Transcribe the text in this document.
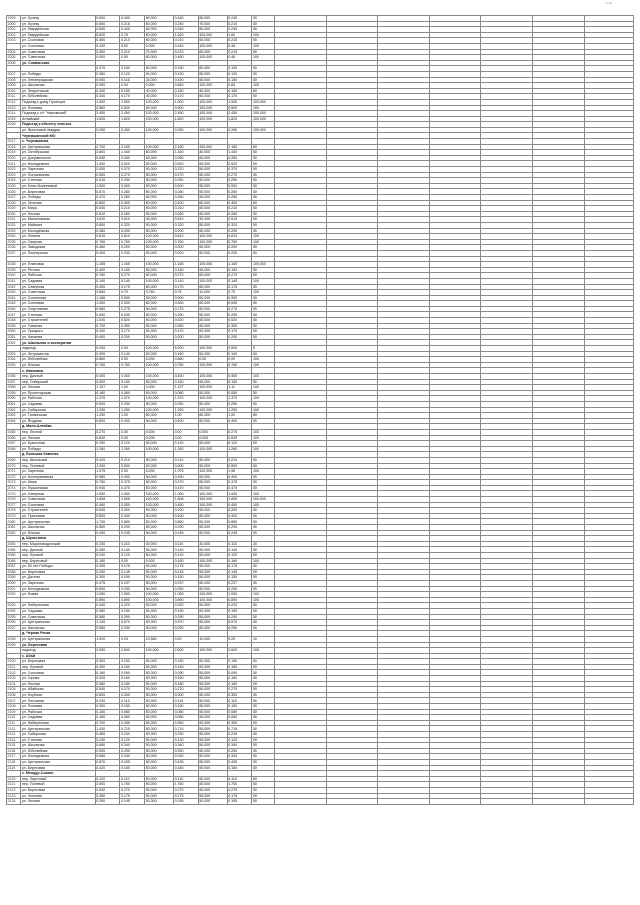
1 / 2
1999	ул. Лучезу	0.600	0.440	60,000	0.440	60,000	0.240	50							
2000	ул. Лучезу	0.650	0.216	60,000	0.240	70,000	0.210	50							
2001	ул. Гвардейская	0.600	0.440	60,000	0.340	60,000	0.240	50							
2002	ул. Гвардейская	0.620	0.76	60,000	1.620	100,000	1.60	100							
2003	ул. Сосновая	0.460	0.210	60,000	0.210	60,000	0.210	50							
	ул. Сосновая	0.430	0.00	0.000	0.440	100,000	0.46	100							
2004	ул. Советская	0.500	0.210	70,000	0.210	60,000	0.210	50							
2005	ул. Советская	0.400	0.00	60,000	0.460	100,000	0.46	100							
2006	ул. Славянская														
		0.370	0.150	60,000	0.150	60,000	0.150	50							
2007	ул. Победы	0.360	0.120	50,000	0.120	50,000	0.120	50							
2008	ул. Ленинградская	0.050	0.116	24,000	0.150	50,000	0.150	50							
2009	ул. Школьная	0.990	0.94	0.000	0.840	100,000	0.84	100							
2010	ул. Энергетиков	0.340	0.150	40,000	0.150	40,000	0.150	50							
2011	ул. Юбилейная	0.340	0.170	40,000	0.170	60,000	0.170	50							
2012	Подъезд к дому Путинцев	1.500	1.500	100,000	1.500	100,000	1.500	100,000							
2013	ул. Полевая	0.560	0.500	60,000	0.500	100,000	0.500	100							
2014	Подъезд к с/т "Нарымский"	2.450	2.450	100,000	2.450	100,000	2.450	100,000							
2015	Алтайский	1.820	1.820	100,000	1.820	100,000	1.820	100,000							
2016	Подъезд к объекту сельхоз														
	ул. Фронтовой гвардии	0.260	0.260	100,000	0.260	100,000	0.260	100,000							
	Черемшанский МО														
2017	с. Черемшанка														
2018	ул. Центральная	2.700	2.160	100,000	2.160	100,000	2.160	50							
2019	ул. Октябрьская	3.600	1.440	60,000	1.440	40,000	1.440	50							
2020	ул. Дзержинского	0.540	0.260	60,000	0.260	60,000	0.260	50							
2021	ул. Молодежная	1.090	0.520	50,000	0.520	60,000	0.520	50							
2022	ул. Заречная	2.000	0.370	50,000	0.370	50,000	0.370	50							
2023	ул. Пограничная	0.500	0.270	50,000	0.270	50,000	0.270	50							
2024	ул. Степная	0.410	0.250	50,000	0.250	50,000	0.250	50							
2025	ул. Ключ Малиновый	1.500	0.500	50,000	0.500	50,000	0.500	50							
2026	ул. Береговая	0.670	0.280	50,000	0.280	50,000	0.280	50							
2027	ул. Победы	0.470	0.280	60,000	0.280	50,000	0.280	50							
2028	ул. Зеленая	0.800	0.400	60,000	0.400	60,000	0.400	50							
2029	ул. Мира	0.530	0.210	50,000	0.210	50,000	0.210	50							
2030	ул. Лесная	0.810	0.260	50,000	0.260	50,000	0.260	50							
2031	ул. Малиновская	1.610	0.510	30,000	0.510	30,000	0.510	50							
2032	ул. Майская	0.650	0.320	50,000	0.320	50,000	0.320	50							
2033	ул. Молодёжная	0.380	0.200	50,000	0.200	50,000	0.200	50							
2034	ул. Ленина	0.810	0.810	100,000	0.810	100,000	0.810	100							
2035	ул. Озерная	0.760	0.760	100,000	0.760	100,000	0.760	100							
2036	ул. Заводская	0.460	0.200	50,000	0.200	50,000	0.200	50							
2037	ул. Пионерская	0.400	0.200	50,000	0.200	50,000	0.200	50							

2038	ул. Плановая	1.165	1.165	100,000	1.165	100,000	1.165	100,000							
2039	ул. Речная	0.400	0.150	50,000	0.150	50,000	0.150	50							
2040	ул. Рабочая	0.780	0.270	60,000	0.270	60,000	0.270	50							
2041	ул. Садовая	0.140	0.140	100,000	0.140	100,000	0.140	100							
2042	ул. Северная	0.350	0.175	60,000	0.175	60,000	0.175	50							
2043	ул. Советская	2.660	0.70	0.760	0.76	12,000	0.70	100							
2044	ул. Солнечная	1.186	0.900	90,000	0.900	90,000	0.900	90							
2045	ул. Сосновая	1.060	0.530	60,000	0.530	60,000	0.530	50							
2046	ул. Спортивная	0.560	0.275	50,000	0.275	50,000	0.275	50							
2047	ул. Степная	0.550	0.250	50,000	0.250	50,000	0.250	50							
2048	ул. Строителей	1.040	0.520	50,000	0.520	50,000	0.520	50							
2049	ул. Таежная	0.700	0.350	50,000	0.350	50,000	0.350	50							
2050	ул. Урицкого	0.340	0.170	50,000	0.170	50,000	0.170	50							
2051	ул. Чапаева	0.400	0.200	50,000	0.200	50,000	0.200	50							
2052	ул. Школьная и кооператив														
	подъезд	5.200	0.00	100,000	5.200	100,000	0.000	0							
2053	ул. Энтузиастов	0.390	0.140	50,000	0.160	50,000	0.140	50							
2054	ул. Юбилейная	0.860	0.00	0.000	0.860	0.00	0.00	100							
2055	ул. Южная	0.760	0.760	100,000	0.760	100,000	0.760	100							
	с. Ивановка														
2056	пер. Дачный	0.400	0.400	100,000	0.400	100,000	0.400	100							
2057	пер. Сибирский	0.300	0.150	50,000	0.150	50,000	0.150	50							
2058	ул. Лесная	1.107	1.00	0.000	1.107	100,000	1.11	100							
2059	ул. Пролетарская	0.160	0.080	50,000	0.080	50,000	0.080	50							
2060	ул. Рабочая	1.370	1.370	100,000	1.370	100,000	1.370	100							
2061	ул. Садовая	0.500	0.250	50,000	0.250	50,000	0.250	50							
2062	ул. Сибирская	1.250	1.250	100,000	1.250	100,000	1.250	100							
2063	ул. Тихвинская	1.250	1.00	80,000	1.00	80,000	1.00	80							
2064	ул. Ягодная	0.800	0.400	50,000	0.400	50,000	0.400	50							
	д. Мало-Алтайка														
2065	пер. Лесной	0.270	0.00	0.000	0.00	0.000	0.270	100							
2066	ул. Лесная	0.630	0.00	0.000	0.00	0.000	0.630	100							
2067	ул. Кузнечная	0.250	0.120	50,000	0.120	50,000	0.120	50							
2068	ул. Победы	1.260	1.260	100,000	1.260	100,000	1.260	100							
	д. Большая Каменка														
2069	пер. Школьный	0.420	0.210	50,000	0.210	50,000	0.210	50							
2070	пер. Полевой	1.000	0.500	50,000	0.500	50,000	0.500	50							
2071	ул. Заречная	1.975	0.00	0.000	1.975	100,000	1.98	100							
2072	ул. Кооперативная	0.980	0.490	50,000	0.490	50,000	0.490	50							
2073	ул. Мира	0.750	0.375	50,000	0.375	50,000	0.375	50							
2074	ул. Пушкинская	0.940	0.470	50,000	0.470	50,000	0.470	50							
2075	ул. Северная	1.050	1.050	100,000	1.050	100,000	1.050	100							
2076	ул. Советская	1.608	1.608	100,000	1.608	100,000	1.608	100,000							
2077	ул. Сосновая	0.450	0.450	100,000	0.450	100,000	0.450	100							
2078	ул. Строителей	0.540	0.200	50,000	0.200	50,000	0.200	50							
2079	ул. Трактовая	0.800	0.400	50,000	0.400	50,000	0.400	50							
2080	ул. Центральная	1.700	0.850	50,000	0.850	50,000	0.850	50							
2081	ул. Школьная	0.580	0.290	50,000	0.290	50,000	0.290	50							
2082	ул. Южная	0.490	0.245	50,000	0.245	50,000	0.245	50							
	д. Шульгинка														
2083	пер. Мараловодческий	0.330	0.110	30,000	0.110	30,000	0.110	30							
2084	пер. Дачный	0.280	0.140	50,000	0.140	50,000	0.140	50							
2085	пер. Луговой	0.240	0.120	50,000	0.120	50,000	0.120	50							
2086	пер. Береговой	0.160	0.00	0.000	0.160	100,000	0.160	100							
2087	ул. 50 лет Победы	0.350	0.175	50,000	0.175	50,000	0.175	50							
2088	ул. Береговая	0.290	0.145	50,000	0.145	50,000	0.145	50							
2089	ул. Дачная	0.300	0.150	50,000	0.150	50,000	0.150	50							
2090	ул. Заречная	0.475	0.237	50,000	0.237	50,000	0.237	50							
2091	ул. Молодежная	0.500	0.250	50,000	0.250	50,000	0.250	50							
2092	ул. Новая	1.050	1.050	100,000	1.050	100,000	1.050	100							
		0.890	0.890	100,000	0.890	100,000	0.890	100							
2093	ул. Набережная	0.440	0.220	50,000	0.220	50,000	0.220	50							
2094	ул. Садовая	0.380	0.190	50,000	0.190	50,000	0.190	50							
2095	ул. Советская	0.580	0.290	50,000	0.290	50,000	0.290	50							
2096	ул. Центральная	1.140	0.570	50,000	0.570	50,000	0.570	50							
2097	ул. Школьная	0.580	0.290	50,000	0.290	50,000	0.290	50							
	д. Черная Речка														
2098	ул. Центральная	1.920	0.20	10,560	0.20	10,000	0.20	10							
2099	ул. Береговая														
	подъезд	2.600	2.600	100,000	2.600	100,000	2.600	100							
	с. Абай														
2100	ул. Береговая	0.300	0.150	50,000	0.150	50,000	0.150	50							
2101	пер. Луговой	0.300	0.150	50,000	0.150	50,000	0.150	50							
2102	ул. Сосновая	0.180	0.090	50,000	0.090	50,000	0.090	50							
2103	ул. Горная	0.320	0.160	50,000	0.160	50,000	0.160	50							
2104	ул. Лесная	0.360	0.180	50,000	0.180	50,000	0.180	50							
2105	ул. Абайская	0.540	0.270	50,000	0.270	50,000	0.270	50							
2106	ул. Клубная	0.600	0.300	50,000	0.300	50,000	0.300	50							
2107	ул. Песчаная	0.230	0.115	50,000	0.115	50,000	0.115	50							
2108	ул. Полевая	0.300	0.150	50,000	0.150	50,000	0.150	50							
2109	ул. Рабочая	0.160	0.080	50,000	0.080	50,000	0.080	50							
2110	ул. Садовая	0.160	0.080	50,000	0.080	50,000	0.080	50							
2111	ул. Набережная	0.700	0.350	50,000	0.350	50,000	0.350	50							
2112	ул. Центральная	1.430	0.715	50,000	0.715	50,000	0.715	50							
2113	ул. Сибирская	0.460	0.230	50,000	0.230	50,000	0.230	50							
2114	ул. Степная	0.240	0.120	50,000	0.120	50,000	0.120	50							
2115	ул. Школьная	0.680	0.340	50,000	0.340	50,000	0.340	50							
2116	ул. Юбилейная	0.500	0.250	50,000	0.250	50,000	0.250	50							
2117	ул. Молодежная	0.660	0.330	50,000	0.330	50,000	0.330	50							
2118	ул. Центральная	0.870	0.435	50,000	0.435	50,000	0.435	50							
2119	ул. Береговая	0.320	0.160	50,000	0.160	50,000	0.160	50							
	с. Мендур-Соккон														
2120	пер. Заречный	0.220	0.110	50,000	0.110	50,000	0.110	50							
2121	пер. Полевой	3.500	1.750	50,000	1.750	50,000	1.750	50							
2122	ул. Береговая	0.540	0.270	50,000	0.270	50,000	0.270	50							
2123	ул. Зеленая	0.350	0.175	50,000	0.175	50,000	0.175	50							
2124	ул. Лесная	0.390	0.195	50,000	0.195	50,000	0.195	50							
